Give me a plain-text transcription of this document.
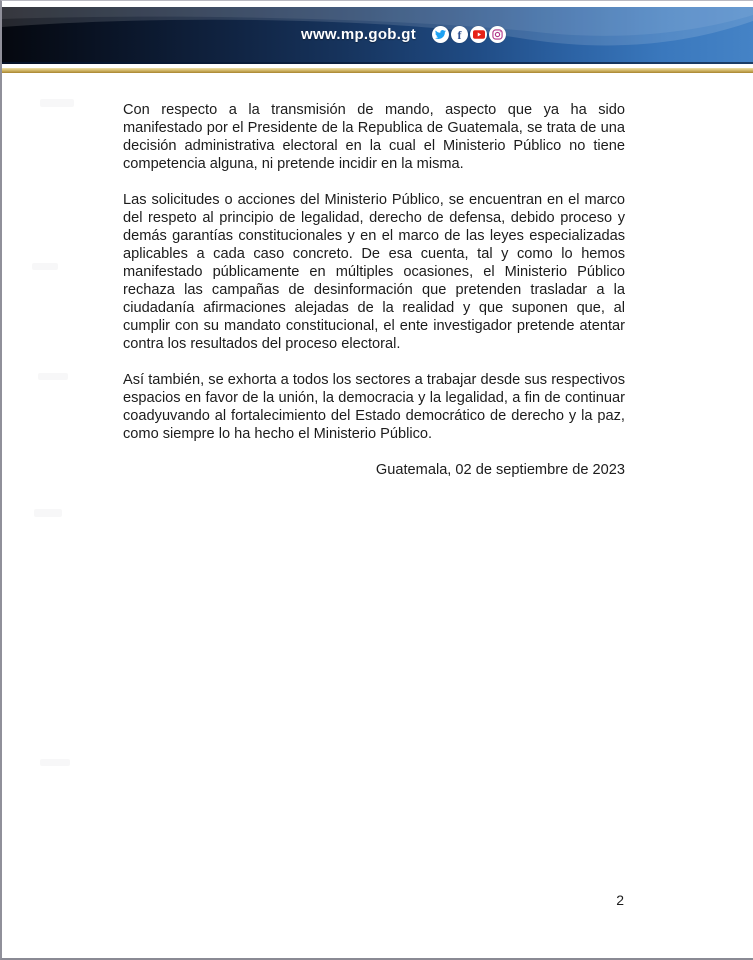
www.mp.gob.gt	f

Con respecto a la transmisión de mando, aspecto que ya ha sido manifestado por el Presidente de la Republica de Guatemala, se trata de una decisión administrativa electoral en la cual el Ministerio Público no tiene competencia alguna, ni pretende incidir en la misma.

Las solicitudes o acciones del Ministerio Público, se encuentran en el marco del respeto al principio de legalidad, derecho de defensa, debido proceso y demás garantías constitucionales y en el marco de las leyes especializadas aplicables a cada caso concreto. De esa cuenta, tal y como lo hemos manifestado públicamente en múltiples ocasiones, el Ministerio Público rechaza las campañas de desinformación que pretenden trasladar a la ciudadanía afirmaciones alejadas de la realidad y que suponen que, al cumplir con su mandato constitucional, el ente investigador pretende atentar contra los resultados del proceso electoral.

Así también, se exhorta a todos los sectores a trabajar desde sus respectivos espacios en favor de la unión, la democracia y la legalidad, a fin de continuar coadyuvando al fortalecimiento del Estado democrático de derecho y la paz, como siempre lo ha hecho el Ministerio Público.

Guatemala, 02 de septiembre de 2023
2
